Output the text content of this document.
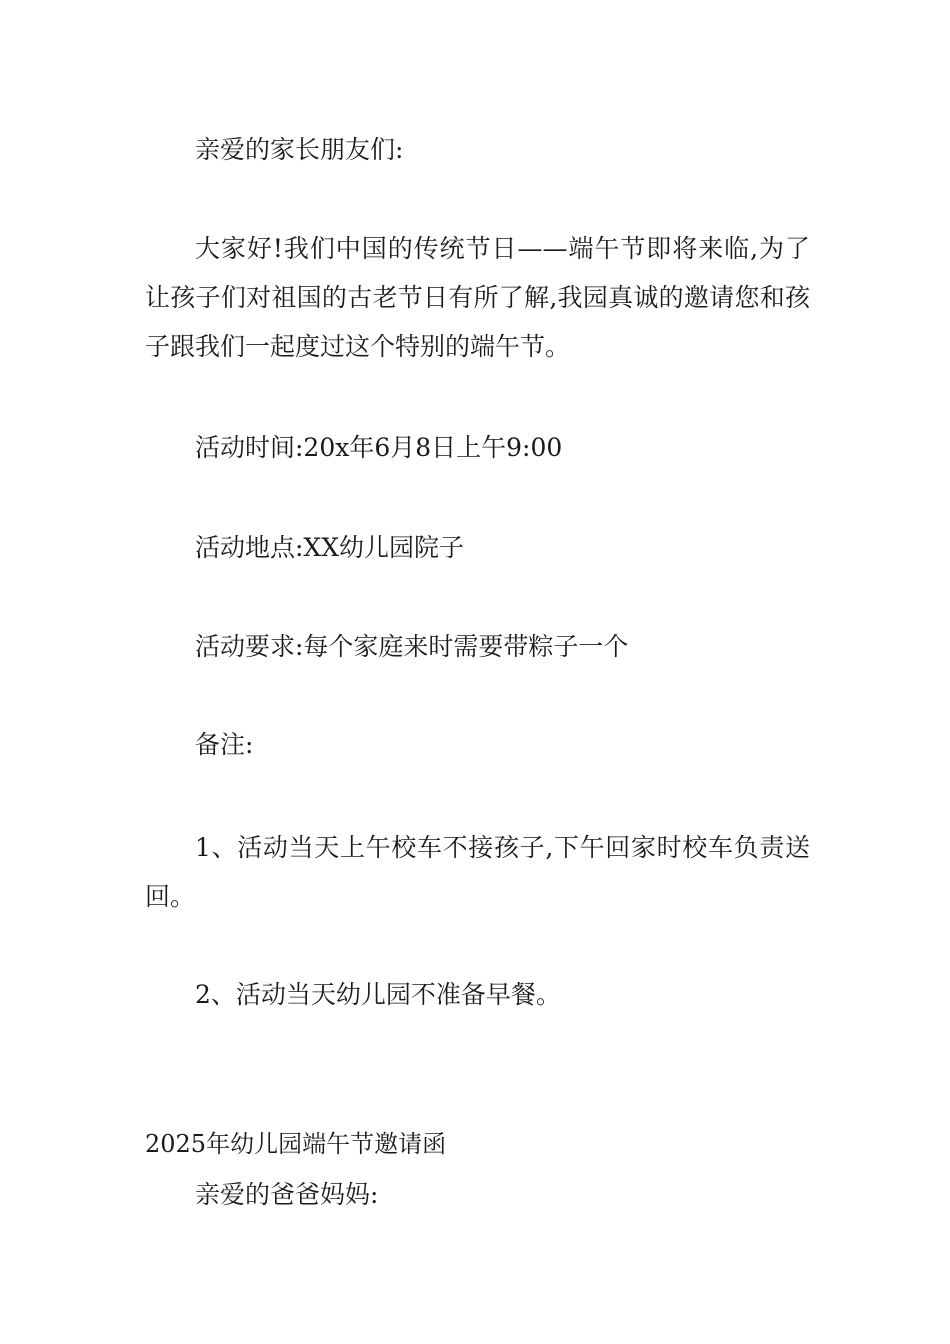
亲爱的家长朋友们:

大家好!我们中国的传统节日——端午节即将来临,为了让孩子们对祖国的古老节日有所了解,我园真诚的邀请您和孩子跟我们一起度过这个特别的端午节。

活动时间:20x年6月8日上午9:00

活动地点:XX幼儿园院子

活动要求:每个家庭来时需要带粽子一个

备注:

1、活动当天上午校车不接孩子,下午回家时校车负责送回。

2、活动当天幼儿园不准备早餐。

2025年幼儿园端午节邀请函

亲爱的爸爸妈妈:
